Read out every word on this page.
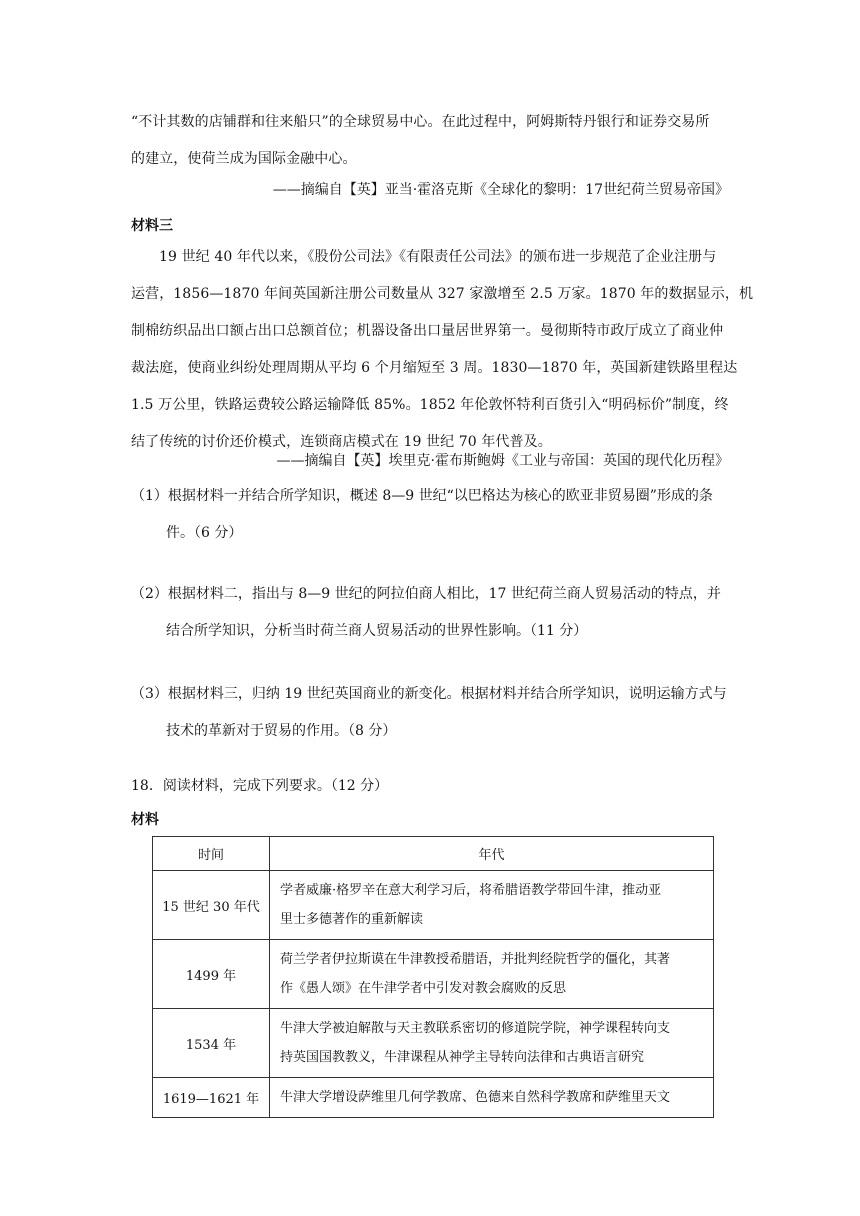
“不计其数的店铺群和往来船只”的全球贸易中心。在此过程中，阿姆斯特丹银行和证券交易所
的建立，使荷兰成为国际金融中心。

——摘编自【英】亚当·霍洛克斯《全球化的黎明：17世纪荷兰贸易帝国》

材料三

19 世纪 40 年代以来，《股份公司法》《有限责任公司法》的颁布进一步规范了企业注册与
运营，1856—1870 年间英国新注册公司数量从 327 家激增至 2.5 万家。1870 年的数据显示，机
制棉纺织品出口额占出口总额首位；机器设备出口量居世界第一。曼彻斯特市政厅成立了商业仲
裁法庭，使商业纠纷处理周期从平均 6 个月缩短至 3 周。1830—1870 年，英国新建铁路里程达
1.5 万公里，铁路运费较公路运输降低 85%。1852 年伦敦怀特利百货引入“明码标价”制度，终
结了传统的讨价还价模式，连锁商店模式在 19 世纪 70 年代普及。

——摘编自【英】埃里克·霍布斯鲍姆《工业与帝国：英国的现代化历程》

（1）根据材料一并结合所学知识，概述 8—9 世纪“以巴格达为核心的欧亚非贸易圈”形成的条
件。（6 分）
（2）根据材料二，指出与 8—9 世纪的阿拉伯商人相比，17 世纪荷兰商人贸易活动的特点，并
结合所学知识，分析当时荷兰商人贸易活动的世界性影响。（11 分）
（3）根据材料三，归纳 19 世纪英国商业的新变化。根据材料并结合所学知识，说明运输方式与
技术的革新对于贸易的作用。（8 分）

18．阅读材料，完成下列要求。（12 分）

材料

时间	年代
15 世纪 30 年代	学者威廉·格罗辛在意大利学习后，将希腊语教学带回牛津，推动亚
里士多德著作的重新解读

1499 年	荷兰学者伊拉斯谟在牛津教授希腊语，并批判经院哲学的僵化，其著
作《愚人颂》在牛津学者中引发对教会腐败的反思

1534 年	牛津大学被迫解散与天主教联系密切的修道院学院，神学课程转向支
持英国国教教义，牛津课程从神学主导转向法律和古典语言研究

1619—1621 年	牛津大学增设萨维里几何学教席、色德来自然科学教席和萨维里天文
